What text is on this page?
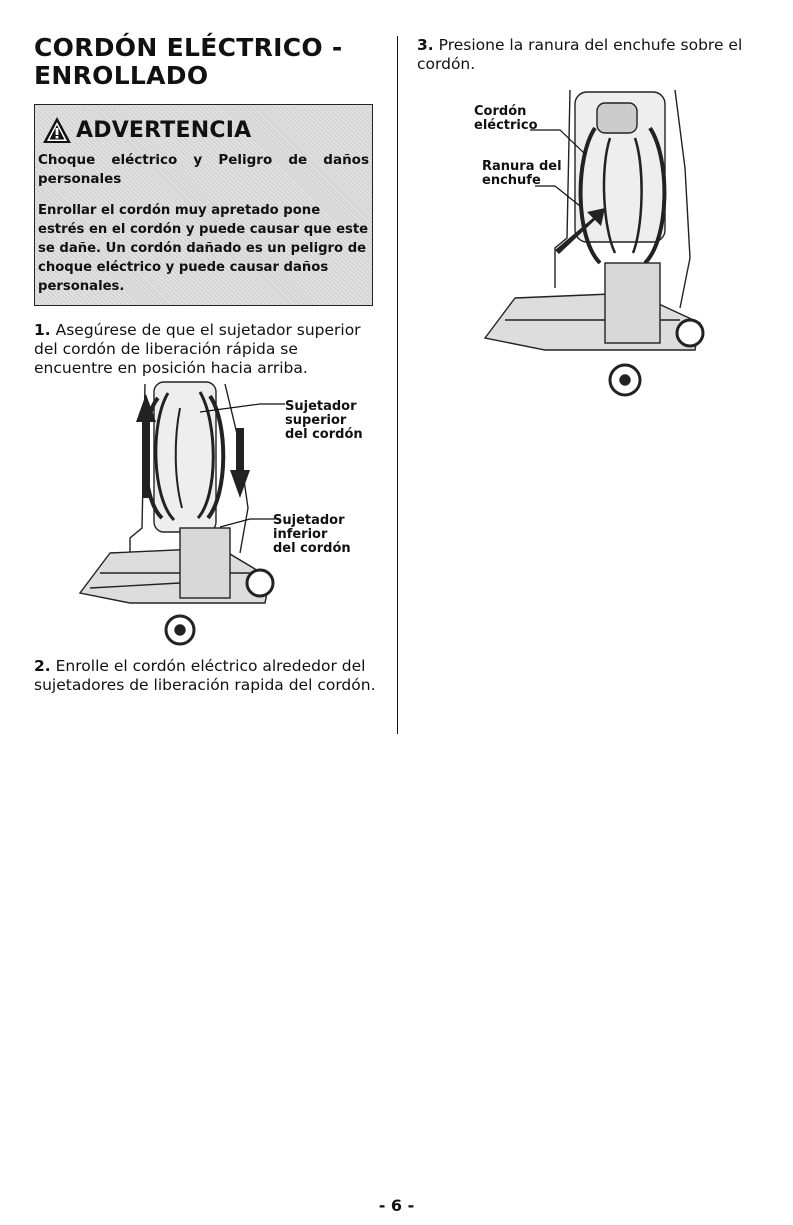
CORDÓN ELÉCTRICO -
ENROLLADO
ADVERTENCIA
Choque eléctrico y Peligro de daños personales
Enrollar el cordón muy apretado pone estrés en el cordón y puede causar que este se dañe. Un cordón dañado es un peligro de choque eléctrico y puede causar daños personales.
1. Asegúrese de que el sujetador superior del cordón de liberación rápida se encuentre en posición hacia arriba.
Sujetador
superior
del cordón
Sujetador
inferior
del cordón
2. Enrolle el cordón eléctrico alrededor del sujetadores de liberación rapida del cordón.
3. Presione la ranura del enchufe sobre el cordón.
Cordón
eléctrico
Ranura del
enchufe
- 6 -
